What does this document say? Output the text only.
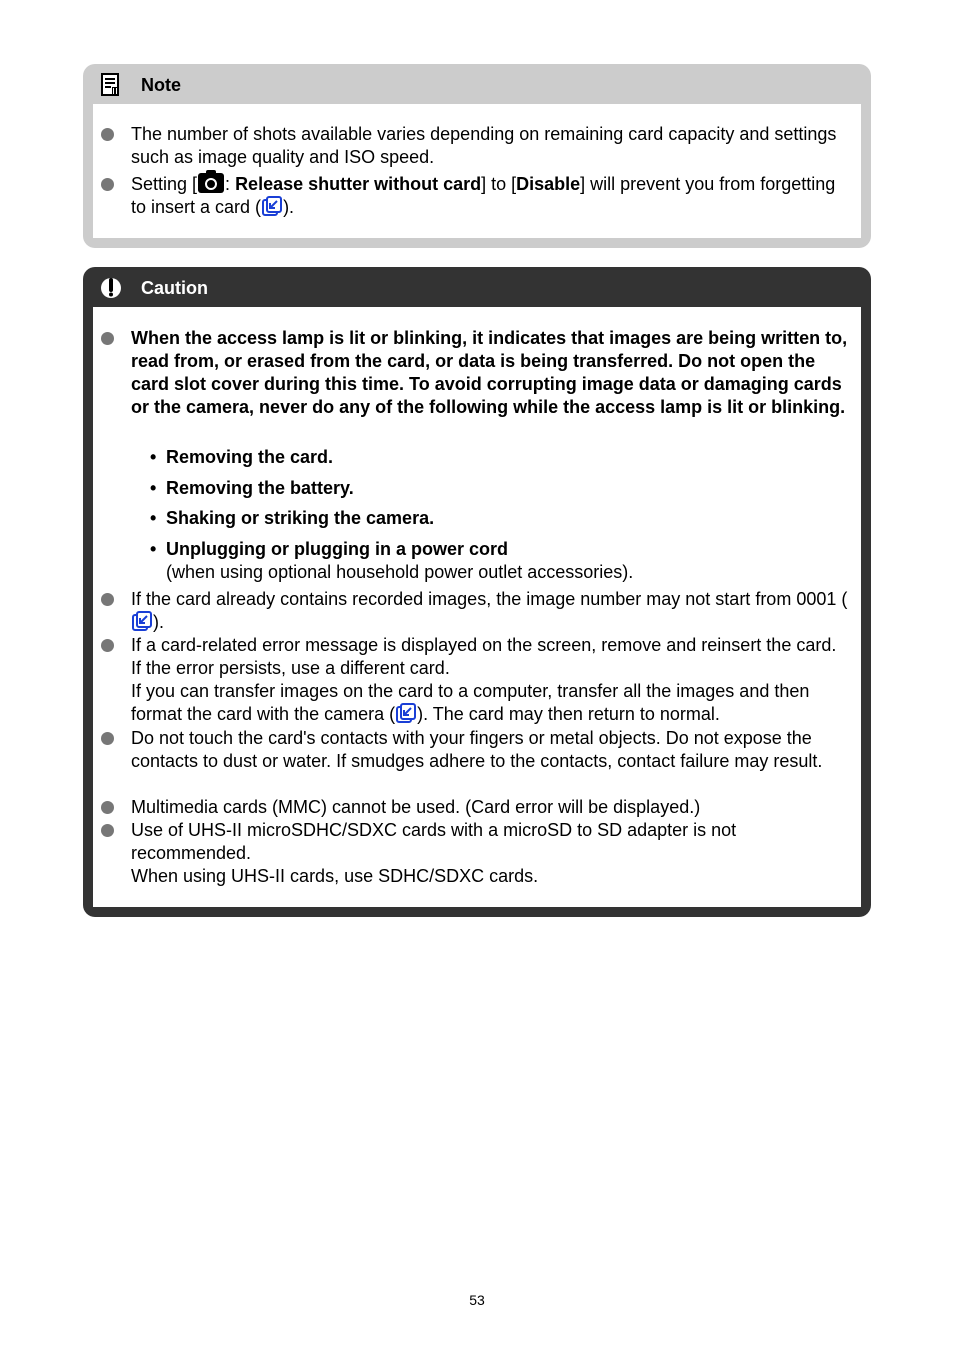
Note
The number of shots available varies depending on remaining card capacity and settings such as image quality and ISO speed.
Setting [ : Release shutter without card] to [Disable] will prevent you from forgetting to insert a card ( ).
Caution
When the access lamp is lit or blinking, it indicates that images are being written to, read from, or erased from the card, or data is being transferred. Do not open the card slot cover during this time. To avoid corrupting image data or damaging cards or the camera, never do any of the following while the access lamp is lit or blinking.
• Removing the card.
• Removing the battery.
• Shaking or striking the camera.
• Unplugging or plugging in a power cord
(when using optional household power outlet accessories).
If the card already contains recorded images, the image number may not start from 0001 ().
If a card-related error message is displayed on the screen, remove and reinsert the card. If the error persists, use a different card.
If you can transfer images on the card to a computer, transfer all the images and then format the card with the camera ( ). The card may then return to normal.
Do not touch the card's contacts with your fingers or metal objects. Do not expose the contacts to dust or water. If smudges adhere to the contacts, contact failure may result.
Multimedia cards (MMC) cannot be used. (Card error will be displayed.)
Use of UHS-II microSDHC/SDXC cards with a microSD to SD adapter is not recommended.
When using UHS-II cards, use SDHC/SDXC cards.
53
